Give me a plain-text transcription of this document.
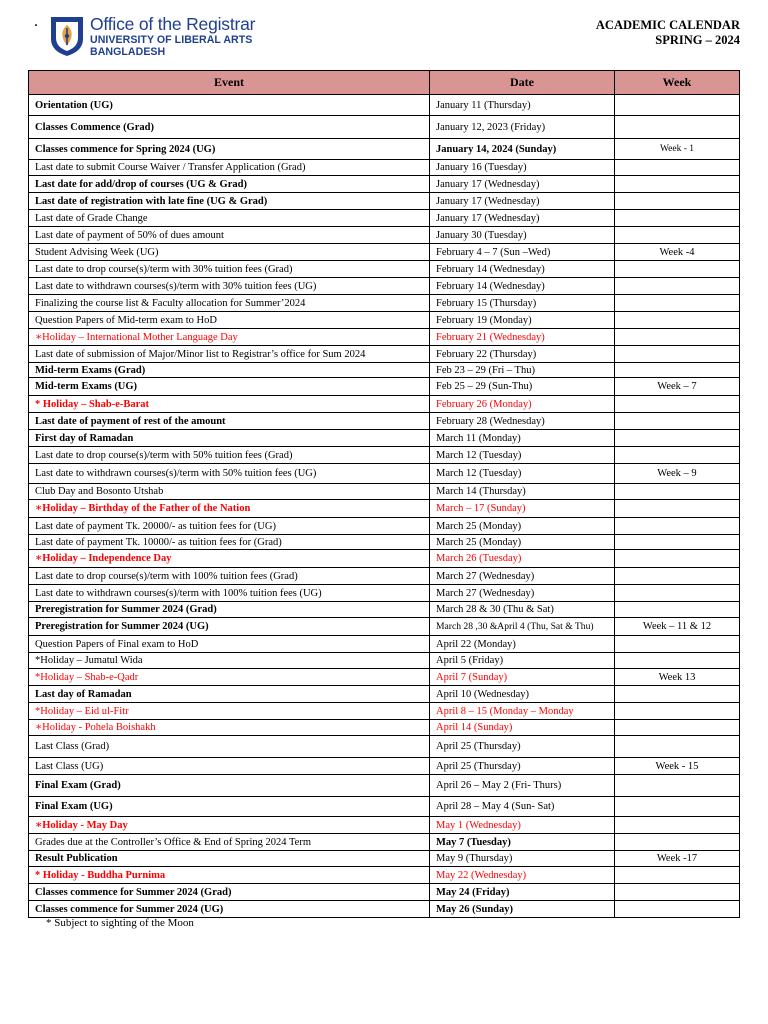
.	Office of the Registrar
UNIVERSITY OF LIBERAL ARTS
BANGLADESH
ACADEMIC CALENDAR
SPRING – 2024
Event	Date	Week
Orientation (UG)	January 11 (Thursday)	
Classes Commence (Grad)	January 12, 2023 (Friday)	
Classes commence for Spring 2024 (UG)	January 14, 2024 (Sunday)	Week - 1
Last date to submit Course Waiver / Transfer Application (Grad)	January 16 (Tuesday)	
Last date for add/drop of courses (UG & Grad)	January 17 (Wednesday)	
Last date of registration with late fine (UG & Grad)	January 17 (Wednesday)	
Last date of Grade Change	January 17 (Wednesday)	
Last date of payment of 50% of dues amount	January 30 (Tuesday)	
Student Advising Week (UG)	February 4 – 7 (Sun –Wed)	Week -4
Last date to drop course(s)/term with 30% tuition fees (Grad)	February 14 (Wednesday)	
Last date to withdrawn courses(s)/term with 30% tuition fees (UG)	February 14 (Wednesday)	
Finalizing the course list & Faculty allocation for Summer’2024	February 15 (Thursday)	
Question Papers of Mid-term exam to HoD	February 19 (Monday)	
∗Holiday – International Mother Language Day	February 21 (Wednesday)	
Last date of submission of Major/Minor list to Registrar’s office for Sum 2024	February 22 (Thursday)	
Mid-term Exams (Grad)	Feb 23 – 29 (Fri – Thu)	
Mid-term Exams (UG)	Feb 25 – 29 (Sun-Thu)	Week – 7
* Holiday – Shab-e-Barat	February 26 (Monday)	
Last date of payment of rest of the amount	February 28 (Wednesday)	
First day of Ramadan	March 11 (Monday)	
Last date to drop course(s)/term with 50% tuition fees (Grad)	March 12 (Tuesday)	
Last date to withdrawn courses(s)/term with 50% tuition fees (UG)	March 12 (Tuesday)	Week – 9
Club Day and Bosonto Utshab	March 14 (Thursday)	
∗Holiday – Birthday of the Father of the Nation	March – 17 (Sunday)	
Last date of payment Tk. 20000/- as tuition fees for (UG)	March 25 (Monday)	
Last date of payment Tk. 10000/- as tuition fees for (Grad)	March 25 (Monday)	
∗Holiday – Independence Day	March 26 (Tuesday)	
Last date to drop course(s)/term with 100% tuition fees (Grad)	March 27 (Wednesday)	
Last date to withdrawn courses(s)/term with 100% tuition fees (UG)	March 27 (Wednesday)	
Preregistration for Summer 2024 (Grad)	March 28 & 30 (Thu & Sat)	
Preregistration for Summer 2024 (UG)	March 28 ,30 &April 4 (Thu, Sat & Thu)	Week – 11 & 12
Question Papers of Final exam to HoD	April 22 (Monday)	
*Holiday – Jumatul Wida	April 5 (Friday)	
*Holiday – Shab-e-Qadr	April 7 (Sunday)	Week 13
Last day of Ramadan	April 10 (Wednesday)	
*Holiday – Eid ul-Fitr	April 8 – 15 (Monday – Monday	
∗Holiday - Pohela Boishakh	April 14 (Sunday)	
Last Class (Grad)	April 25 (Thursday)	
Last Class (UG)	April 25 (Thursday)	Week - 15
Final Exam (Grad)	April 26 – May 2 (Fri- Thurs)	
Final Exam (UG)	April 28 – May 4 (Sun- Sat)	
∗Holiday - May Day	May 1 (Wednesday)	
Grades due at the Controller’s Office & End of Spring 2024 Term	May 7 (Tuesday)	
Result Publication	May 9 (Thursday)	Week -17
* Holiday - Buddha Purnima	May 22 (Wednesday)	
Classes commence for Summer 2024 (Grad)	May 24 (Friday)	
Classes commence for Summer 2024 (UG)	May 26 (Sunday)	
* Subject to sighting of the Moon
